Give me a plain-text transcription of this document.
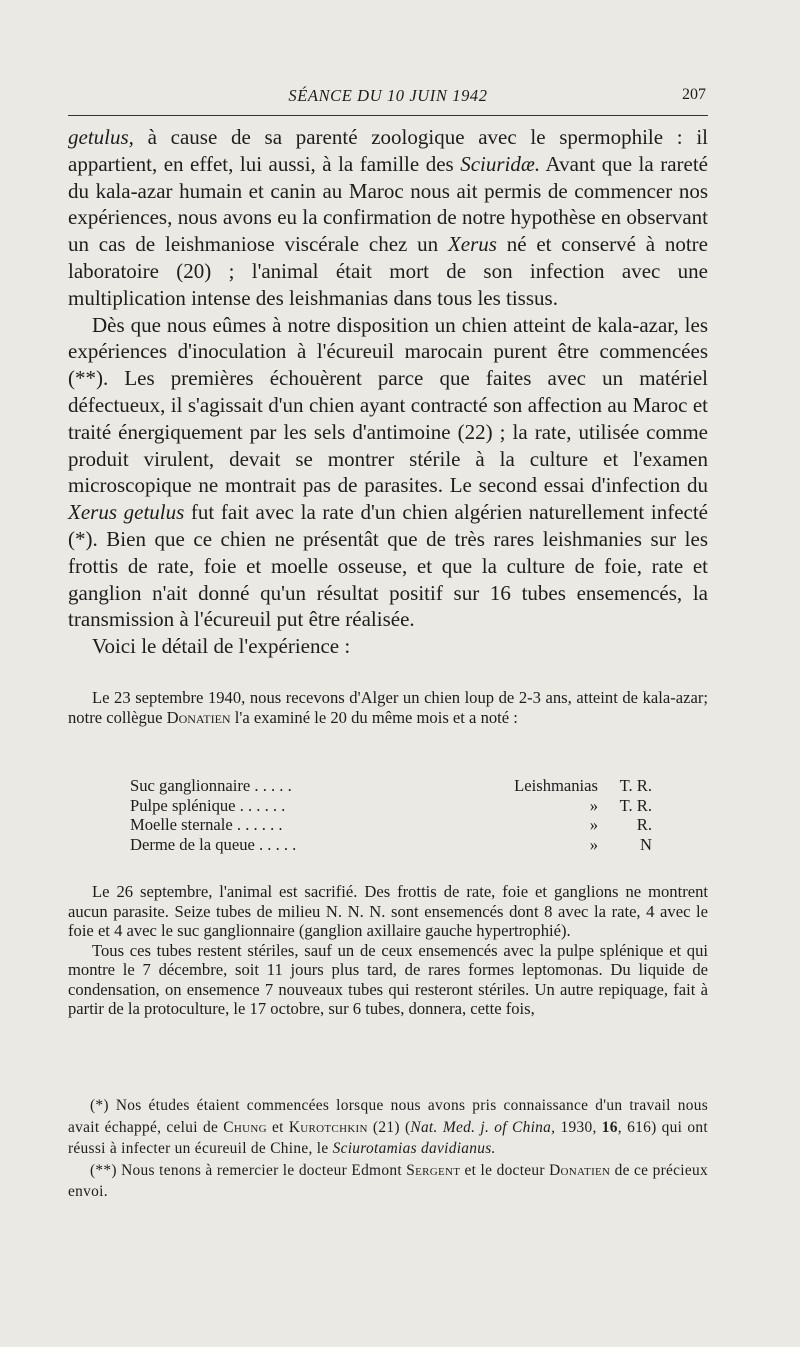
SÉANCE DU 10 JUIN 1942	207

getulus, à cause de sa parenté zoologique avec le spermophile : il appartient, en effet, lui aussi, à la famille des Sciuridæ. Avant que la rareté du kala-azar humain et canin au Maroc nous ait permis de commencer nos expériences, nous avons eu la confirmation de notre hypothèse en observant un cas de leishmaniose viscérale chez un Xerus né et conservé à notre laboratoire (20) ; l'animal était mort de son infection avec une multiplication intense des leishmanias dans tous les tissus.

Dès que nous eûmes à notre disposition un chien atteint de kala-azar, les expériences d'inoculation à l'écureuil marocain purent être commencées (**). Les premières échouèrent parce que faites avec un matériel défectueux, il s'agissait d'un chien ayant contracté son affection au Maroc et traité énergiquement par les sels d'antimoine (22) ; la rate, utilisée comme produit virulent, devait se montrer stérile à la culture et l'examen microscopique ne montrait pas de parasites. Le second essai d'infection du Xerus getulus fut fait avec la rate d'un chien algérien naturellement infecté (*). Bien que ce chien ne présentât que de très rares leishmanies sur les frottis de rate, foie et moelle osseuse, et que la culture de foie, rate et ganglion n'ait donné qu'un résultat positif sur 16 tubes ensemencés, la transmission à l'écureuil put être réalisée.

Voici le détail de l'expérience :

Le 23 septembre 1940, nous recevons d'Alger un chien loup de 2-3 ans, atteint de kala-azar; notre collègue Donatien l'a examiné le 20 du même mois et a noté :

Suc ganglionnaire . . . . .	Leishmanias	T. R.
Pulpe splénique . . . . . .	»	T. R.
Moelle sternale . . . . . .	»	R.
Derme de la queue . . . . .	»	N

Le 26 septembre, l'animal est sacrifié. Des frottis de rate, foie et ganglions ne montrent aucun parasite. Seize tubes de milieu N. N. N. sont ensemencés dont 8 avec la rate, 4 avec le foie et 4 avec le suc ganglionnaire (ganglion axillaire gauche hypertrophié).

Tous ces tubes restent stériles, sauf un de ceux ensemencés avec la pulpe splénique et qui montre le 7 décembre, soit 11 jours plus tard, de rares formes leptomonas. Du liquide de condensation, on ensemence 7 nouveaux tubes qui resteront stériles. Un autre repiquage, fait à partir de la protoculture, le 17 octobre, sur 6 tubes, donnera, cette fois,

(*) Nos études étaient commencées lorsque nous avons pris connaissance d'un travail nous avait échappé, celui de Chung et Kurotchkin (21) (Nat. Med. j. of China, 1930, 16, 616) qui ont réussi à infecter un écureuil de Chine, le Sciurotamias davidianus.

(**) Nous tenons à remercier le docteur Edmont Sergent et le docteur Donatien de ce précieux envoi.
